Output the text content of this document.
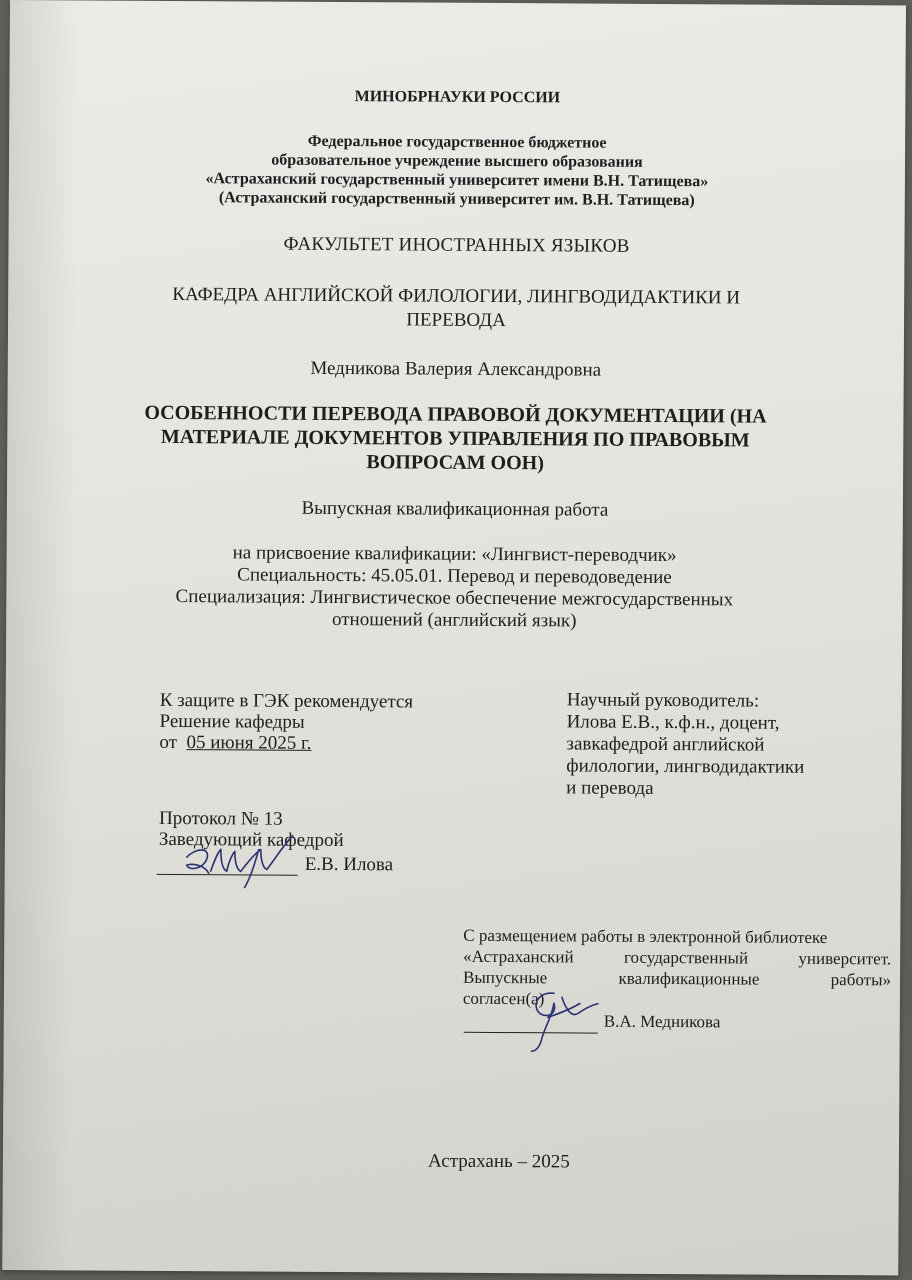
МИНОБРНАУКИ РОССИИ
Федеральное государственное бюджетное
образовательное учреждение высшего образования
«Астраханский государственный университет имени В.Н. Татищева»
(Астраханский государственный университет им. В.Н. Татищева)
ФАКУЛЬТЕТ ИНОСТРАННЫХ ЯЗЫКОВ
КАФЕДРА АНГЛИЙСКОЙ ФИЛОЛОГИИ, ЛИНГВОДИДАКТИКИ И
ПЕРЕВОДА
Медникова Валерия Александровна
ОСОБЕННОСТИ ПЕРЕВОДА ПРАВОВОЙ ДОКУМЕНТАЦИИ (НА
МАТЕРИАЛЕ ДОКУМЕНТОВ УПРАВЛЕНИЯ ПО ПРАВОВЫМ
ВОПРОСАМ ООН)
Выпускная квалификационная работа
на присвоение квалификации: «Лингвист-переводчик»
Специальность: 45.05.01. Перевод и переводоведение
Специализация: Лингвистическое обеспечение межгосударственных
отношений (английский язык)
К защите в ГЭК рекомендуется
Решение кафедры
от 05 июня 2025 г.
Научный руководитель:
Илова Е.В., к.ф.н., доцент,
завкафедрой английской
филологии, лингводидактики
и перевода
Протокол № 13
Заведующий кафедрой
Е.В. Илова

С размещением работы в электронной библиотеке

«Астраханский государственный университет.

Выпускные квалификационные работы»

согласен(а)

В.А. Медникова
Астрахань – 2025
